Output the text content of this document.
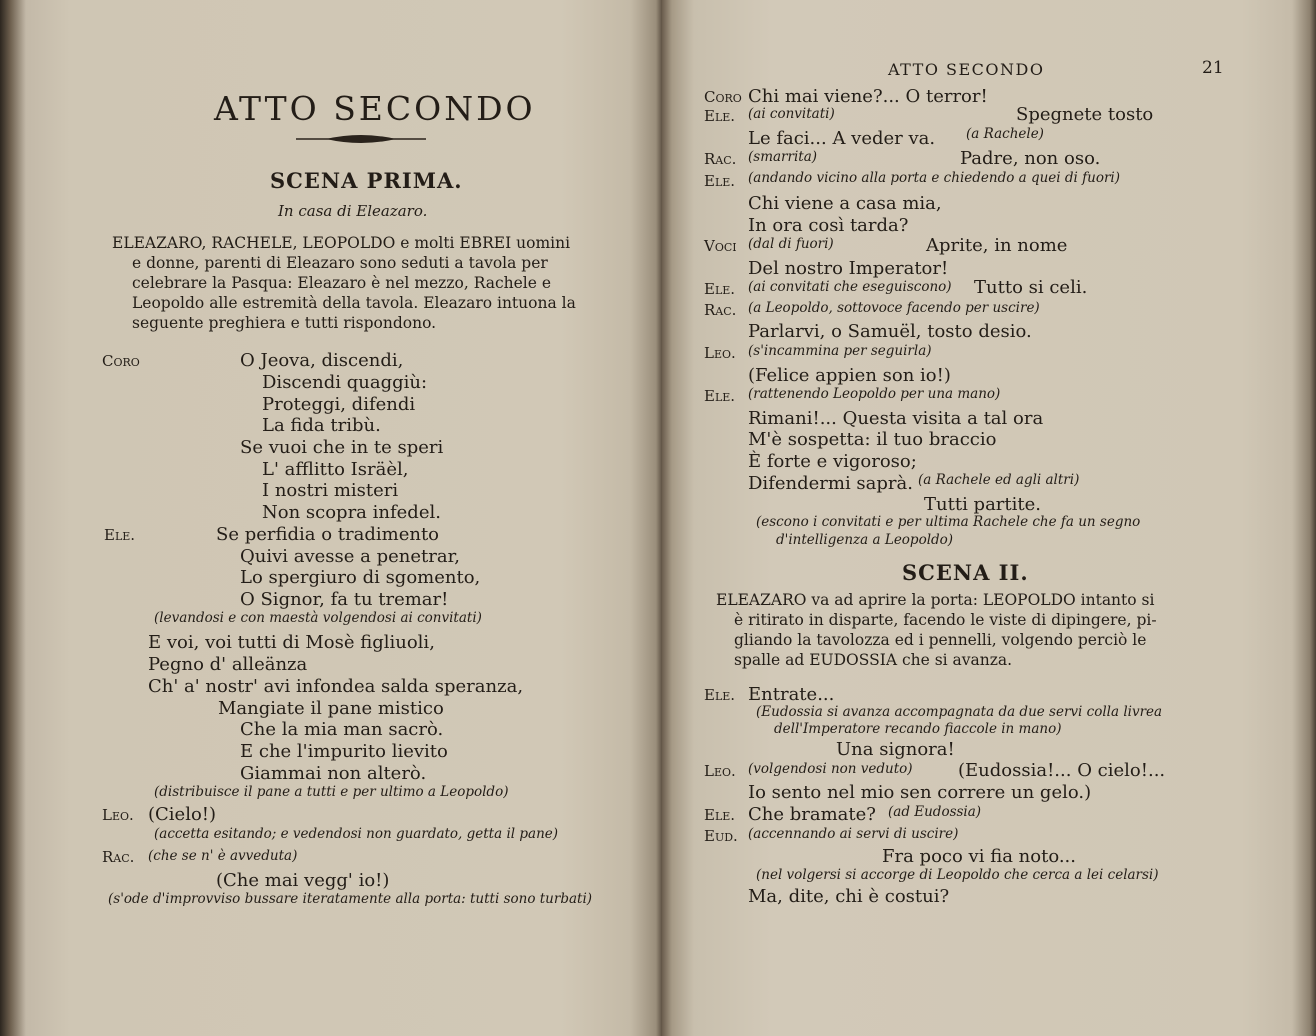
ATTO SECONDO
SCENA PRIMA.
In casa di Eleazaro.
ELEAZARO, RACHELE, LEOPOLDO e molti EBREI uomini
e donne, parenti di Eleazaro sono seduti a tavola per
celebrare la Pasqua: Eleazaro è nel mezzo, Rachele e
Leopoldo alle estremità della tavola. Eleazaro intuona la
seguente preghiera e tutti rispondono.
Coro	O Jeova, discendi,
Discendi quaggiù:
Proteggi, difendi
La fida tribù.
Se vuoi che in te speri
L' afflitto Isräèl,
I nostri misteri
Non scopra infedel.
Ele.	Se perfidia o tradimento
Quivi avesse a penetrar,
Lo spergiuro di sgomento,
O Signor, fa tu tremar!
(levandosi e con maestà volgendosi ai convitati)
E voi, voi tutti di Mosè figliuoli,
Pegno d' alleänza
Ch' a' nostr' avi infondea salda speranza,
Mangiate il pane mistico
Che la mia man sacrò.
E che l'impurito lievito
Giammai non alterò.
(distribuisce il pane a tutti e per ultimo a Leopoldo)
Leo. (Cielo!)
(accetta esitando; e vedendosi non guardato, getta il pane)
Rac. (che se n' è avveduta)
(Che mai vegg' io!)
(s'ode d'improvviso bussare iteratamente alla porta: tutti sono turbati)
ATTO SECONDO	21
Coro Chi mai viene?... O terror!
Ele. (ai convitati)	Spegnete tosto
Le faci... A veder va. (a Rachele)
Rac. (smarrita)	Padre, non oso.
Ele. (andando vicino alla porta e chiedendo a quei di fuori)
Chi viene a casa mia,
In ora così tarda?
Voci (dal di fuori)	Aprite, in nome
Del nostro Imperator!
Ele. (ai convitati che eseguiscono) Tutto si celi.
Rac. (a Leopoldo, sottovoce facendo per uscire)
Parlarvi, o Samuël, tosto desio.
Leo. (s'incammina per seguirla)
(Felice appien son io!)
Ele. (rattenendo Leopoldo per una mano)
Rimani!... Questa visita a tal ora
M'è sospetta: il tuo braccio
È forte e vigoroso;
Difendermi saprà. (a Rachele ed agli altri)
Tutti partite.
(escono i convitati e per ultima Rachele che fa un segno
d'intelligenza a Leopoldo)
SCENA II.
ELEAZARO va ad aprire la porta: LEOPOLDO intanto si
è ritirato in disparte, facendo le viste di dipingere, pi-
gliando la tavolozza ed i pennelli, volgendo perciò le
spalle ad EUDOSSIA che si avanza.
Ele. Entrate...
(Eudossia si avanza accompagnata da due servi colla livrea
dell'Imperatore recando fiaccole in mano)
Una signora!
Leo. (volgendosi non veduto)	(Eudossia!... O cielo!...
Io sento nel mio sen correre un gelo.)
Ele. Che bramate? (ad Eudossia)
Eud. (accennando ai servi di uscire)
Fra poco vi fia noto...
(nel volgersi si accorge di Leopoldo che cerca a lei celarsi)
Ma, dite, chi è costui?
